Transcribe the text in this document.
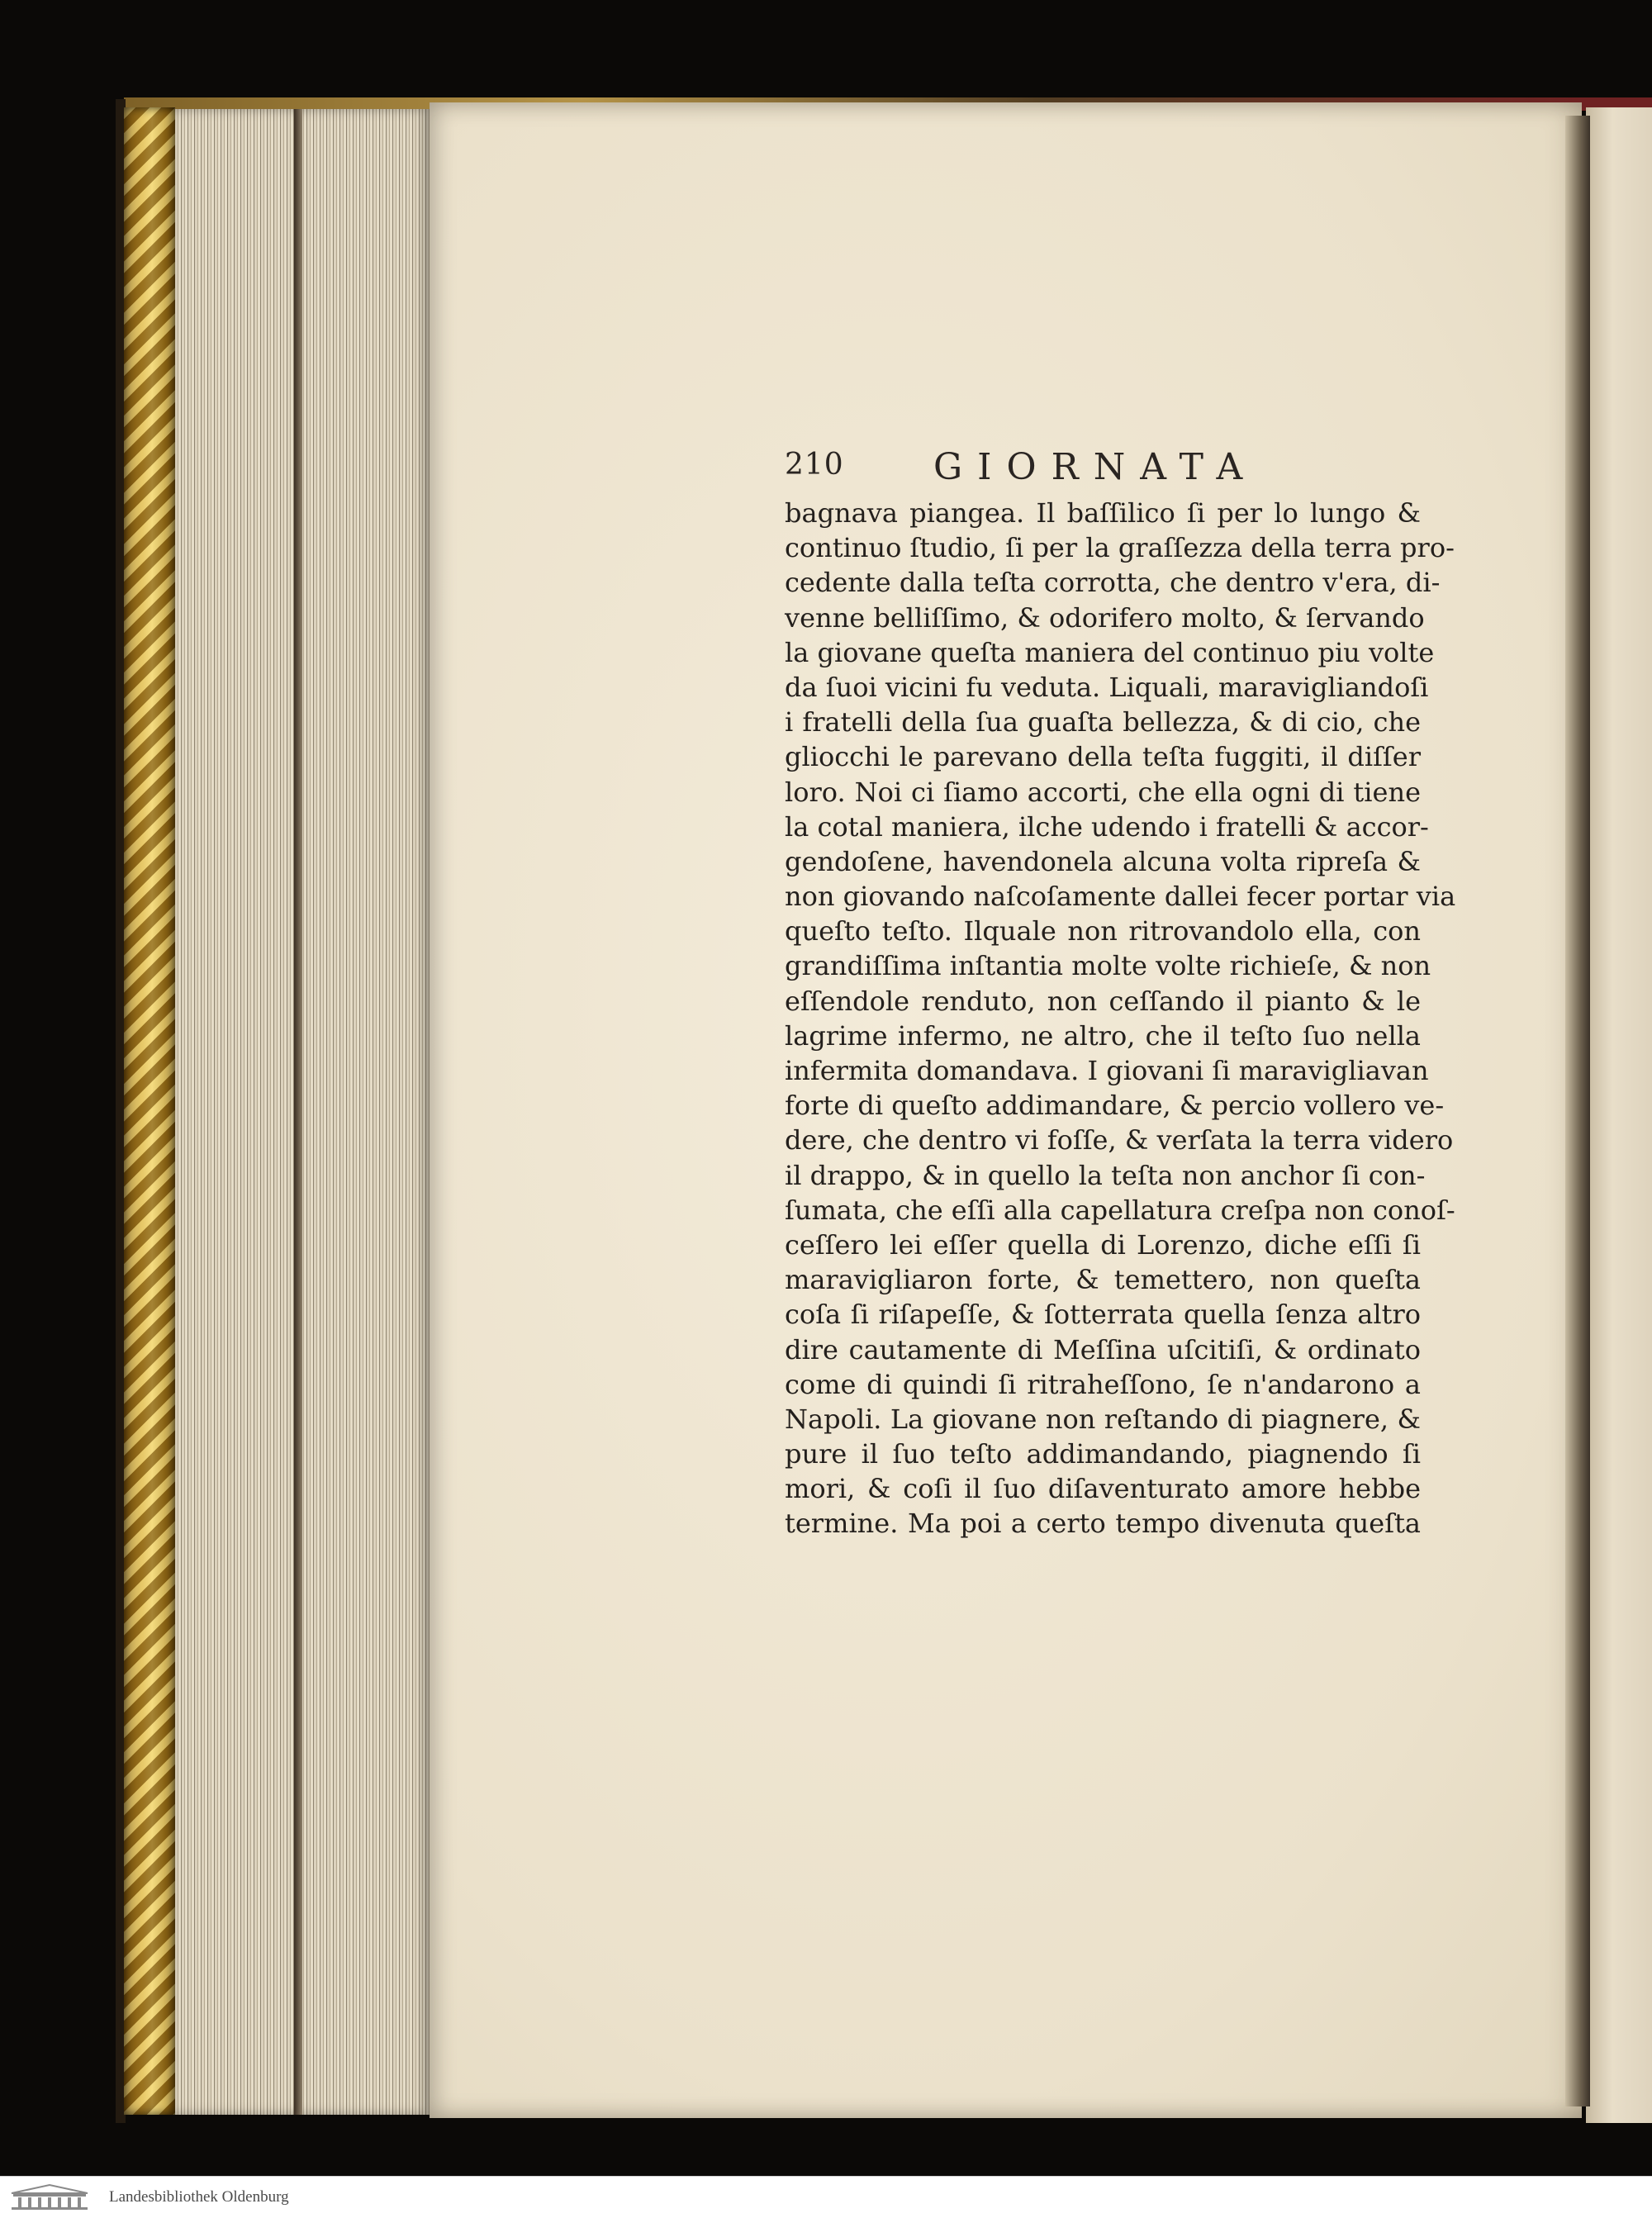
210 GIORNATA
bagnava piangea. Il baſſilico ſi per lo lungo &
continuo ſtudio, ſi per la graſſezza della terra pro-
cedente dalla teſta corrotta, che dentro v'era, di-
venne belliſſimo, & odorifero molto, & ſervando
la giovane queſta maniera del continuo piu volte
da ſuoi vicini fu veduta. Liquali, maravigliandoſi
i fratelli della ſua guaſta bellezza, & di cio, che
gliocchi le parevano della teſta fuggiti, il diſſer
loro. Noi ci ſiamo accorti, che ella ogni di tiene
la cotal maniera, ilche udendo i fratelli & accor-
gendoſene, havendonela alcuna volta ripreſa &
non giovando naſcoſamente dallei fecer portar via
queſto teſto. Ilquale non ritrovandolo ella, con
grandiſſima inſtantia molte volte richieſe, & non
eſſendole renduto, non ceſſando il pianto & le
lagrime infermo, ne altro, che il teſto ſuo nella
infermita domandava. I giovani ſi maravigliavan
forte di queſto addimandare, & percio vollero ve-
dere, che dentro vi foſſe, & verſata la terra videro
il drappo, & in quello la teſta non anchor ſi con-
ſumata, che eſſi alla capellatura creſpa non conoſ-
ceſſero lei eſſer quella di Lorenzo, diche eſſi ſi
maravigliaron forte, & temettero, non queſta
coſa ſi riſapeſſe, & ſotterrata quella ſenza altro
dire cautamente di Meſſina uſcitiſi, & ordinato
come di quindi ſi ritraheſſono, ſe n'andarono a
Napoli. La giovane non reſtando di piagnere, &
pure il ſuo teſto addimandando, piagnendo ſi
mori, & coſi il ſuo diſaventurato amore hebbe
termine. Ma poi a certo tempo divenuta queſta
Landesbibliothek Oldenburg
